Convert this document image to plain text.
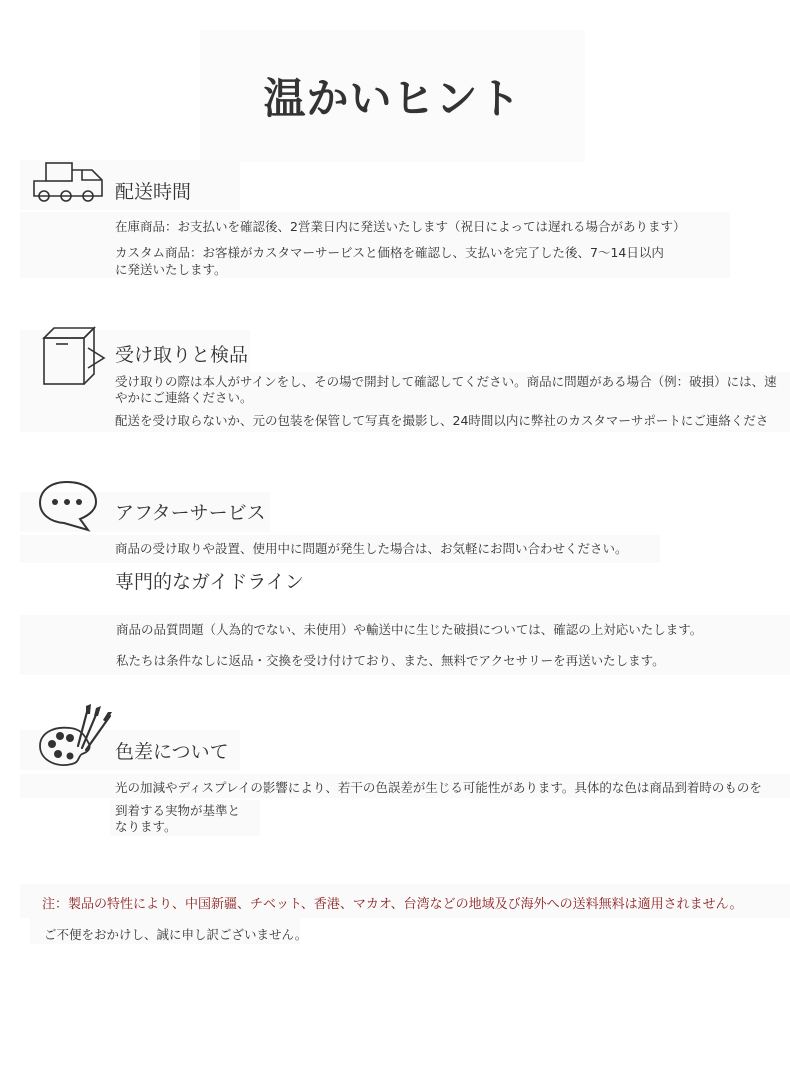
温かいヒント
配送時間
在庫商品：お支払いを確認後、2営業日内に発送いたします（祝日によっては遅れる場合があります）
カスタム商品：お客様がカスタマーサービスと価格を確認し、支払いを完了した後、7〜14日以内
に発送いたします。
受け取りと検品
受け取りの際は本人がサインをし、その場で開封して確認してください。商品に問題がある場合（例：破損）には、速
やかにご連絡ください。
配送を受け取らないか、元の包装を保管して写真を撮影し、24時間以内に弊社のカスタマーサポートにご連絡くださ
アフターサービス
商品の受け取りや設置、使用中に問題が発生した場合は、お気軽にお問い合わせください。
専門的なガイドライン
商品の品質問題（人為的でない、未使用）や輸送中に生じた破損については、確認の上対応いたします。
私たちは条件なしに返品・交換を受け付けており、また、無料でアクセサリーを再送いたします。
色差について
光の加減やディスプレイの影響により、若干の色誤差が生じる可能性があります。具体的な色は商品到着時のものを
到着する実物が基準と
なります。
注：製品の特性により、中国新疆、チベット、香港、マカオ、台湾などの地域及び海外への送料無料は適用されません。
ご不便をおかけし、誠に申し訳ございません。
